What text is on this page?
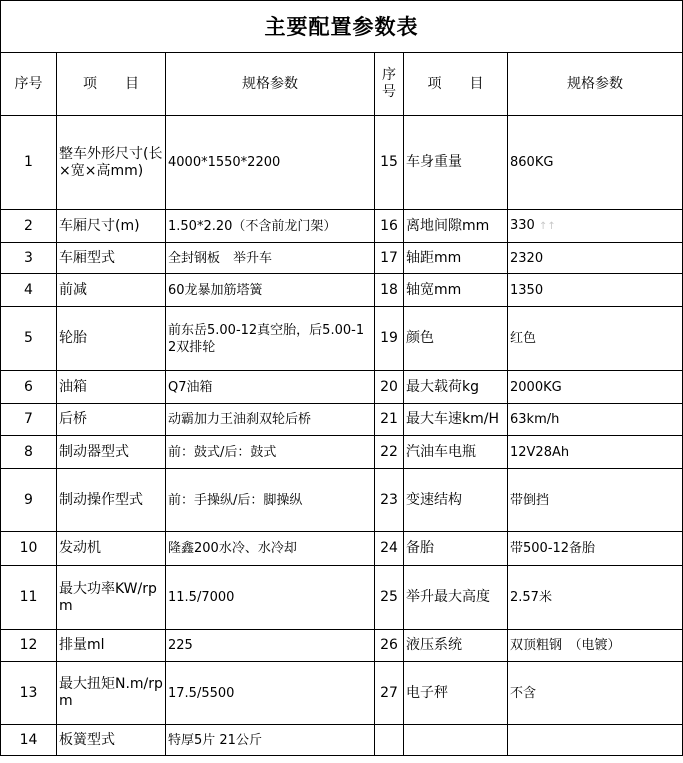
主要配置参数表					
序号	项　　目	规格参数	序号	项　　目	规格参数
1	整车外形尺寸(长×宽×高mm)	4000*1550*2200	15	车身重量	860KG
2	车厢尺寸(m)	1.50*2.20（不含前龙门架）	16	离地间隙mm	330 ↑↑
3	车厢型式	全封钢板　举升车	17	轴距mm	2320
4	前减	60龙暴加筋塔簧	18	轴宽mm	1350
5	轮胎	前东岳5.00-12真空胎，后5.00-12双排轮	19	颜色	红色
6	油箱	Q7油箱	20	最大载荷kg	2000KG
7	后桥	动霸加力王油刹双轮后桥	21	最大车速km/H	63km/h
8	制动器型式	前：鼓式/后：鼓式	22	汽油车电瓶	12V28Ah
9	制动操作型式	前：手操纵/后：脚操纵	23	变速结构	带倒挡
10	发动机	隆鑫200水冷、水冷却	24	备胎	带500-12备胎
11	最大功率KW/rpm	11.5/7000	25	举升最大高度	2.57米
12	排量ml	225	26	液压系统	双顶粗钢　（电镀）
13	最大扭矩N.m/rpm	17.5/5500	27	电子秤	不含
14	板簧型式	特厚5片 21公斤			
